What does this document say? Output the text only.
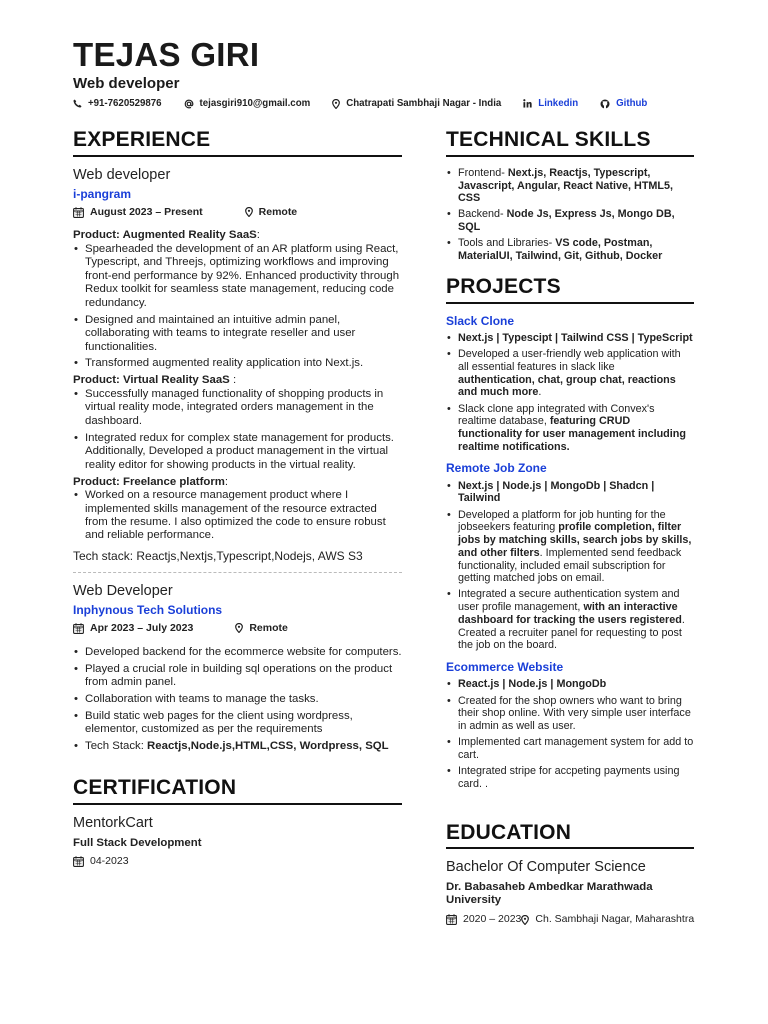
TEJAS GIRI
Web developer
+91-7620529876	tejasgiri910@gmail.com	Chatrapati Sambhaji Nagar - India	Linkedin	Github
EXPERIENCE
Web developer
i-pangram
August 2023 – Present	Remote
Product: Augmented Reality SaaS:
• Spearheaded the development of an AR platform using React, Typescript, and Threejs, optimizing workflows and improving front-end performance by 92%. Enhanced productivity through Redux toolkit for seamless state management, reducing code redundancy.
• Designed and maintained an intuitive admin panel, collaborating with teams to integrate reseller and user functionalities.
• Transformed augmented reality application into Next.js.
Product: Virtual Reality SaaS :
• Successfully managed functionality of shopping products in virtual reality mode, integrated orders management in the dashboard.
• Integrated redux for complex state management for products. Additionally, Developed a product management in the virtual reality editor for showing products in the virtual reality.
Product: Freelance platform:
• Worked on a resource management product where I implemented skills management of the resource extracted from the resume. I also optimized the code to ensure robust and reliable performance.
Tech stack: Reactjs,Nextjs,Typescript,Nodejs, AWS S3
Web Developer
Inphynous Tech Solutions
Apr 2023 – July 2023	Remote
• Developed backend for the ecommerce website for computers.
• Played a crucial role in building sql operations on the product from admin panel.
• Collaboration with teams to manage the tasks.
• Build static web pages for the client using wordpress, elementor, customized as per the requirements
• Tech Stack: Reactjs,Node.js,HTML,CSS, Wordpress, SQL
CERTIFICATION
MentorkCart
Full Stack Development
04-2023
TECHNICAL SKILLS
• Frontend- Next.js, Reactjs, Typescript, Javascript, Angular, React Native, HTML5, CSS
• Backend- Node Js, Express Js, Mongo DB, SQL
• Tools and Libraries- VS code, Postman, MaterialUI, Tailwind, Git, Github, Docker
PROJECTS
Slack Clone
• Next.js | Typescipt | Tailwind CSS | TypeScript
• Developed a user-friendly web application with all essential features in slack like authentication, chat, group chat, reactions and much more.
• Slack clone app integrated with Convex's realtime database, featuring CRUD functionality for user management including realtime notifications.
Remote Job Zone
• Next.js | Node.js | MongoDb | Shadcn | Tailwind
• Developed a platform for job hunting for the jobseekers featuring profile completion, filter jobs by matching skills, search jobs by skills, and other filters. Implemented send feedback functionality, included email subscription for getting matched jobs on email.
• Integrated a secure authentication system and user profile management, with an interactive dashboard for tracking the users registered. Created a recruiter panel for requesting to post the job on the board.
Ecommerce Website
• React.js | Node.js | MongoDb
• Created for the shop owners who want to bring their shop online. With very simple user interface in admin as well as user.
• Implemented cart management system for add to cart.
• Integrated stripe for accpeting payments using card. .
EDUCATION
Bachelor Of Computer Science
Dr. Babasaheb Ambedkar Marathwada University
2020 – 2023 Ch. Sambhaji Nagar, Maharashtra
